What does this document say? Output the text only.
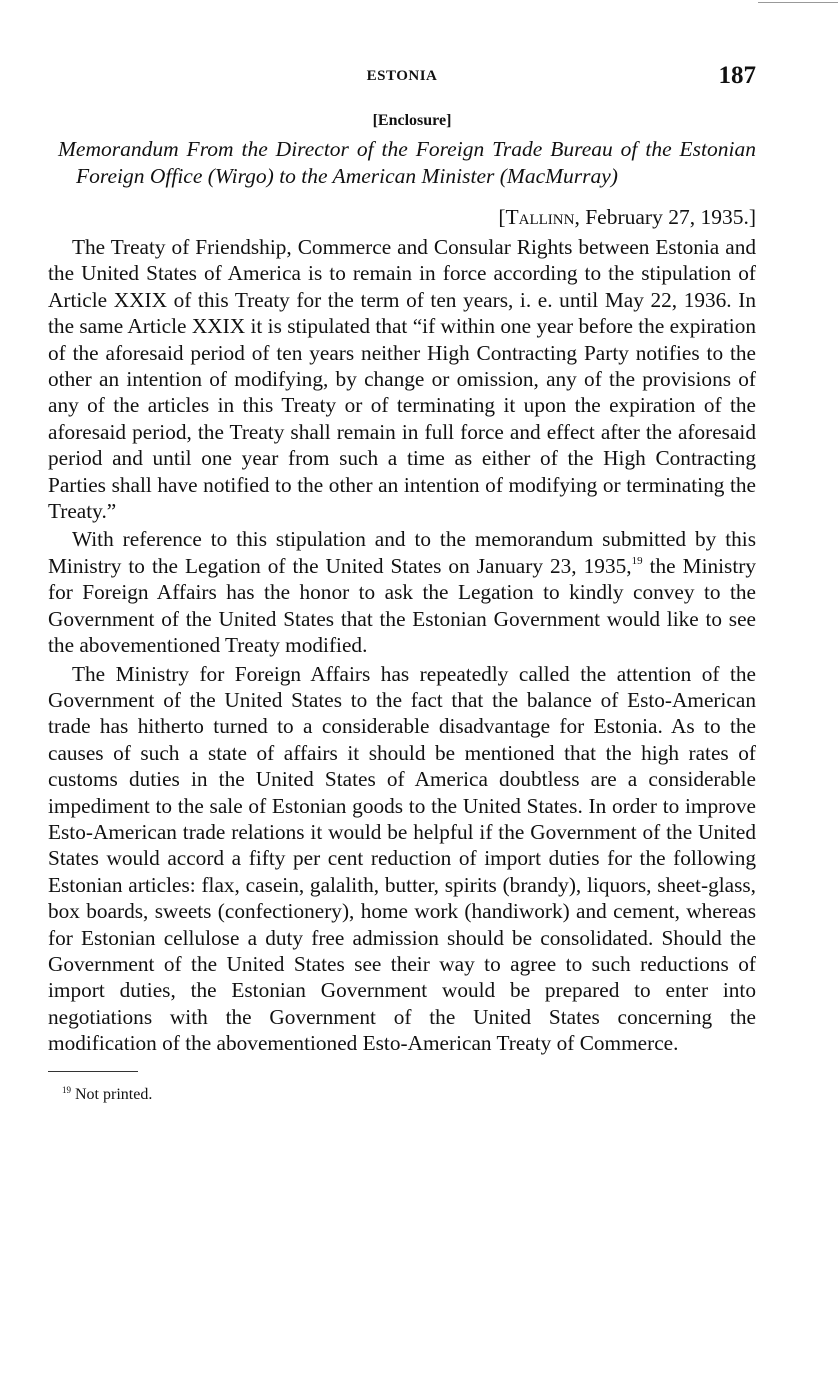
ESTONIA	187
[Enclosure]
Memorandum From the Director of the Foreign Trade Bureau of the Estonian Foreign Office (Wirgo) to the American Minister (MacMurray)
[Tallinn, February 27, 1935.]

The Treaty of Friendship, Commerce and Consular Rights between Estonia and the United States of America is to remain in force according to the stipulation of Article XXIX of this Treaty for the term of ten years, i. e. until May 22, 1936. In the same Article XXIX it is stipulated that “if within one year before the expiration of the aforesaid period of ten years neither High Contracting Party notifies to the other an intention of modifying, by change or omission, any of the provisions of any of the articles in this Treaty or of terminating it upon the expiration of the aforesaid period, the Treaty shall remain in full force and effect after the aforesaid period and until one year from such a time as either of the High Contracting Parties shall have notified to the other an intention of modifying or terminating the Treaty.”

With reference to this stipulation and to the memorandum submitted by this Ministry to the Legation of the United States on January 23, 1935,19 the Ministry for Foreign Affairs has the honor to ask the Legation to kindly convey to the Government of the United States that the Estonian Government would like to see the abovementioned Treaty modified.

The Ministry for Foreign Affairs has repeatedly called the attention of the Government of the United States to the fact that the balance of Esto-American trade has hitherto turned to a considerable disadvantage for Estonia. As to the causes of such a state of affairs it should be mentioned that the high rates of customs duties in the United States of America doubtless are a considerable impediment to the sale of Estonian goods to the United States. In order to improve Esto-American trade relations it would be helpful if the Government of the United States would accord a fifty per cent reduction of import duties for the following Estonian articles: flax, casein, galalith, butter, spirits (brandy), liquors, sheet-glass, box boards, sweets (confectionery), home work (handiwork) and cement, whereas for Estonian cellulose a duty free admission should be consolidated. Should the Government of the United States see their way to agree to such reductions of import duties, the Estonian Government would be prepared to enter into negotiations with the Government of the United States concerning the modification of the abovementioned Esto-American Treaty of Commerce.

$^{19}$ Not printed.
